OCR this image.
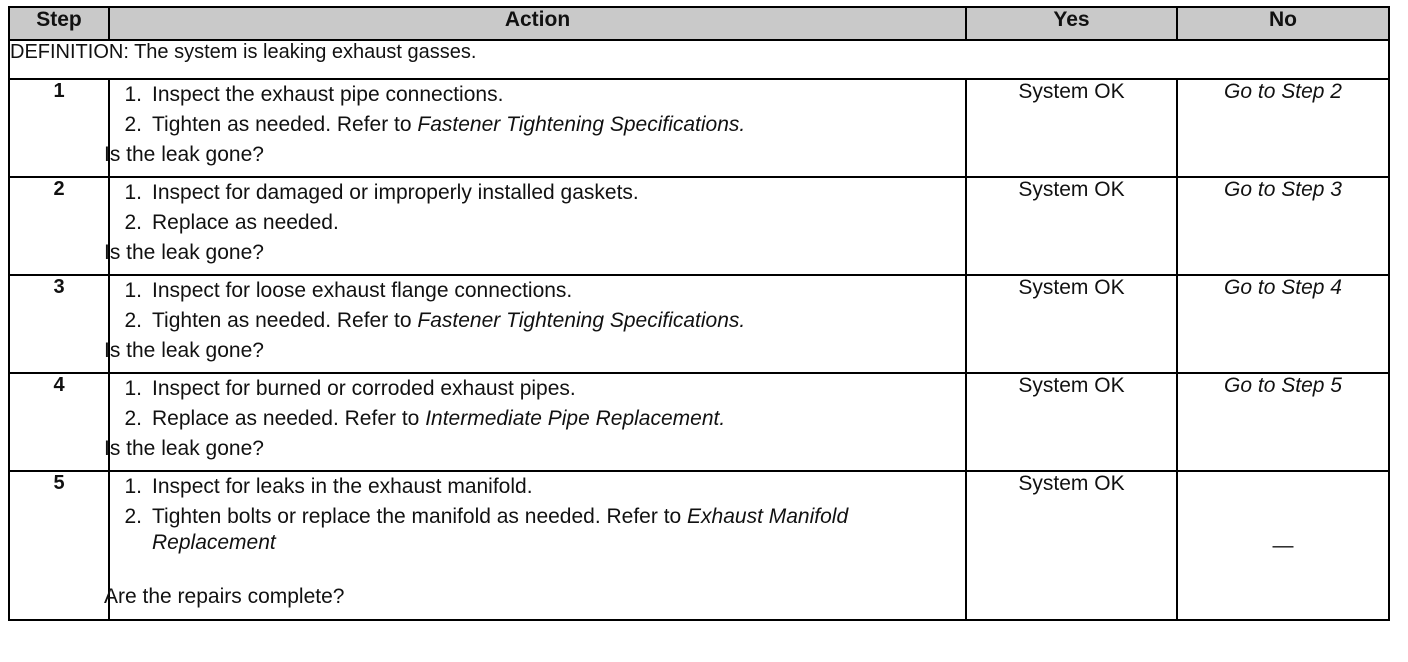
Step	Action	Yes	No
DEFINITION: The system is leaking exhaust gasses.			
1	1. Inspect the exhaust pipe connections.
2. Tighten as needed. Refer to Fastener Tightening Specifications.
Is the leak gone?	System OK	Go to Step 2
2	1. Inspect for damaged or improperly installed gaskets.
2. Replace as needed.
Is the leak gone?	System OK	Go to Step 3
3	1. Inspect for loose exhaust flange connections.
2. Tighten as needed. Refer to Fastener Tightening Specifications.
Is the leak gone?	System OK	Go to Step 4
4	1. Inspect for burned or corroded exhaust pipes.
2. Replace as needed. Refer to Intermediate Pipe Replacement.
Is the leak gone?	System OK	Go to Step 5
5	1. Inspect for leaks in the exhaust manifold.
2. Tighten bolts or replace the manifold as needed. Refer to Exhaust Manifold Replacement
Are the repairs complete?	System OK	—
